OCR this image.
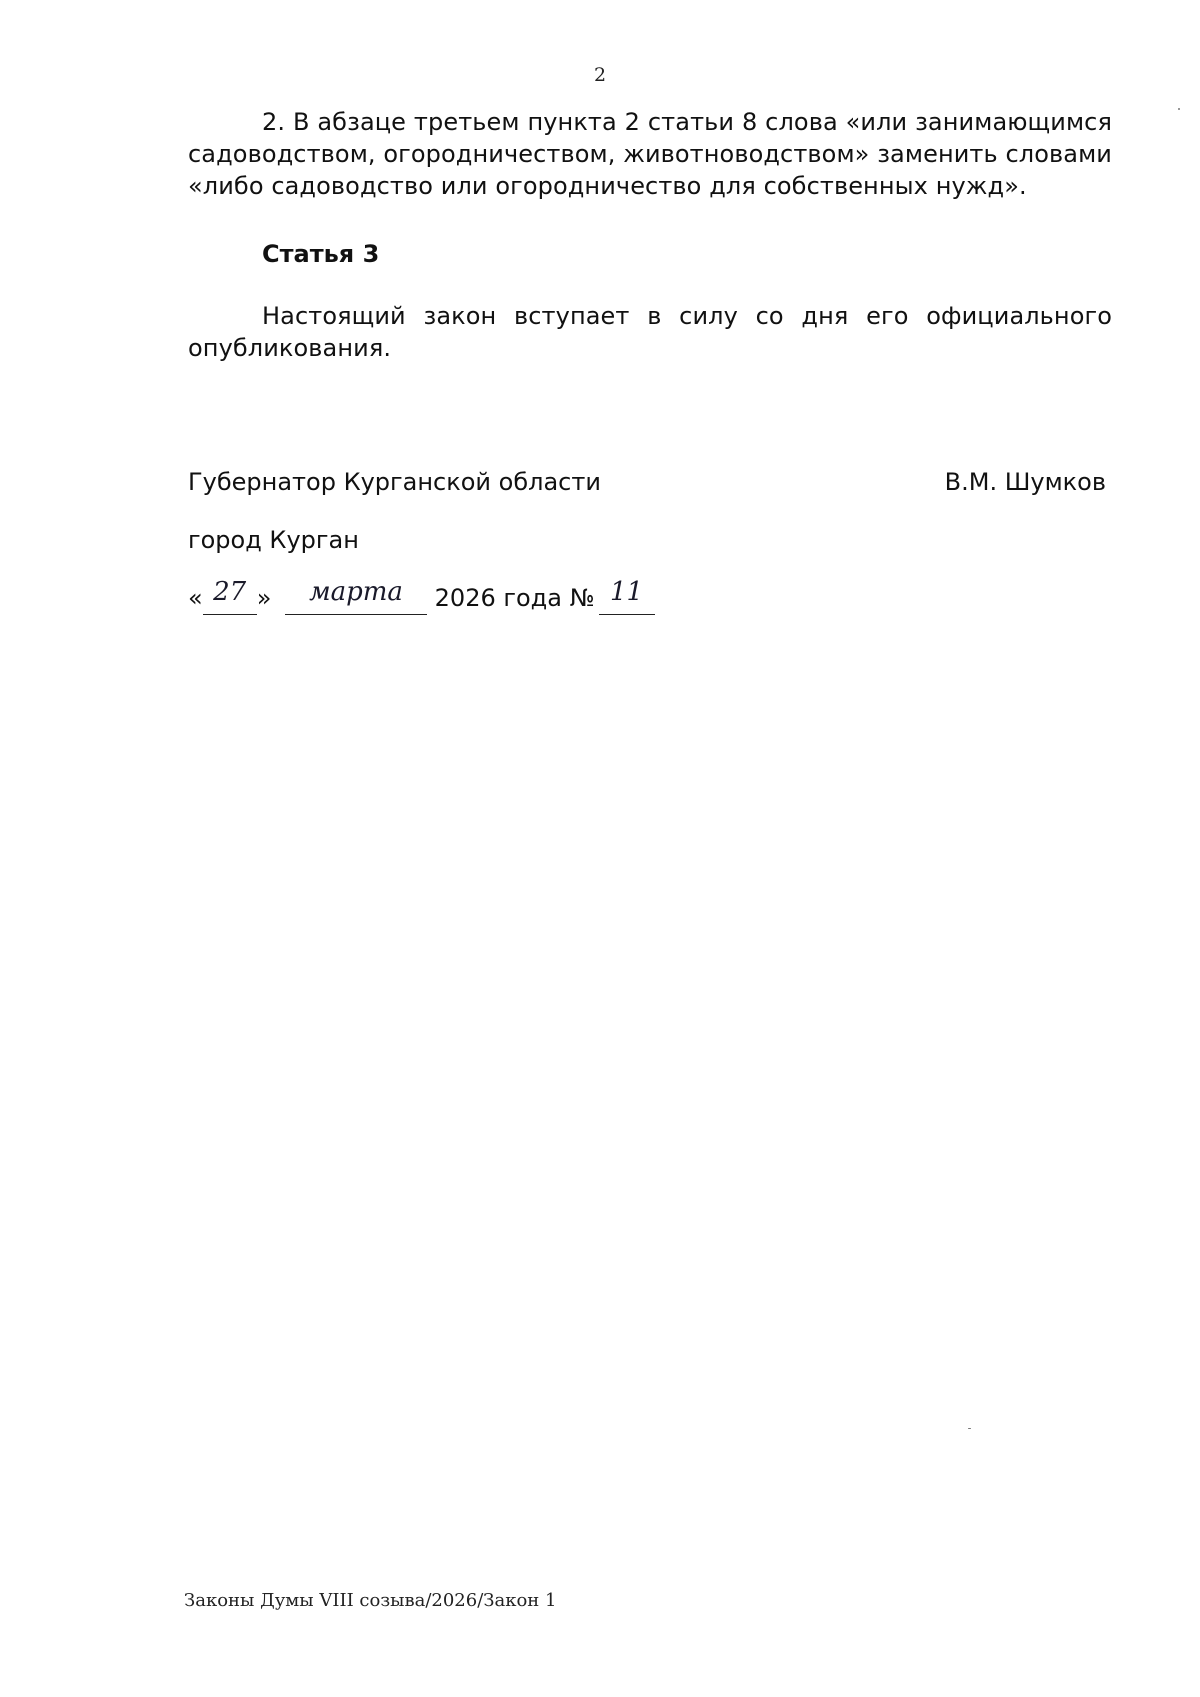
2

2. В абзаце третьем пункта 2 статьи 8 слова «или занимающимся садоводством, огородничеством, животноводством» заменить словами «либо садоводство или огородничество для собственных нужд».

Статья 3

Настоящий закон вступает в силу со дня его официального опубликования.

Губернатор Курганской области	В.М. Шумков
город Курган
« 27 » марта 2026 года № 11
Законы Думы VIII созыва/2026/Закон 1
